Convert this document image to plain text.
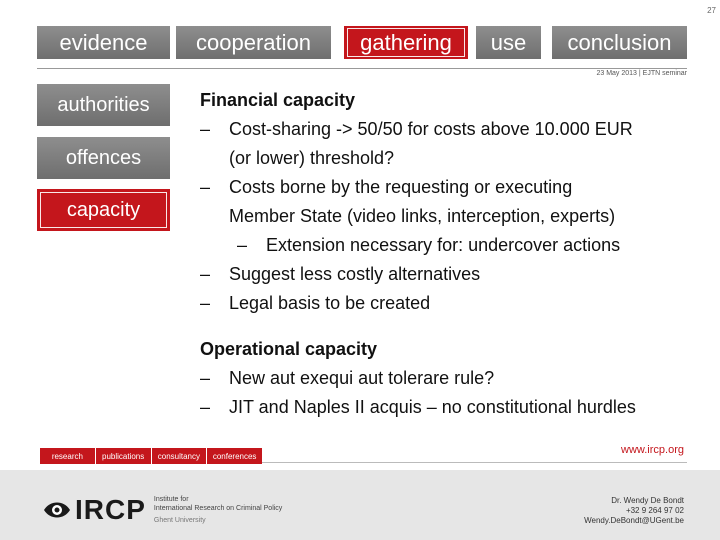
27
evidence cooperation gathering use conclusion
23 May 2013 | EJTN seminar
authorities
offences
capacity
Financial capacity
–	Cost-sharing -> 50/50 for costs above 10.000 EUR
(or lower) threshold?
–	Costs borne by the requesting or executing
Member State (video links, interception, experts)
–	Extension necessary for: undercover actions
–	Suggest less costly alternatives
–	Legal basis to be created
Operational capacity
–	New aut exequi aut tolerare rule?
–	JIT and Naples II acquis – no constitutional hurdles
research	publications	consultancy	conferences	www.ircp.org
IRCP Institute for
International Research on Criminal Policy
Ghent University
Dr. Wendy De Bondt
+32 9 264 97 02
Wendy.DeBondt@UGent.be
